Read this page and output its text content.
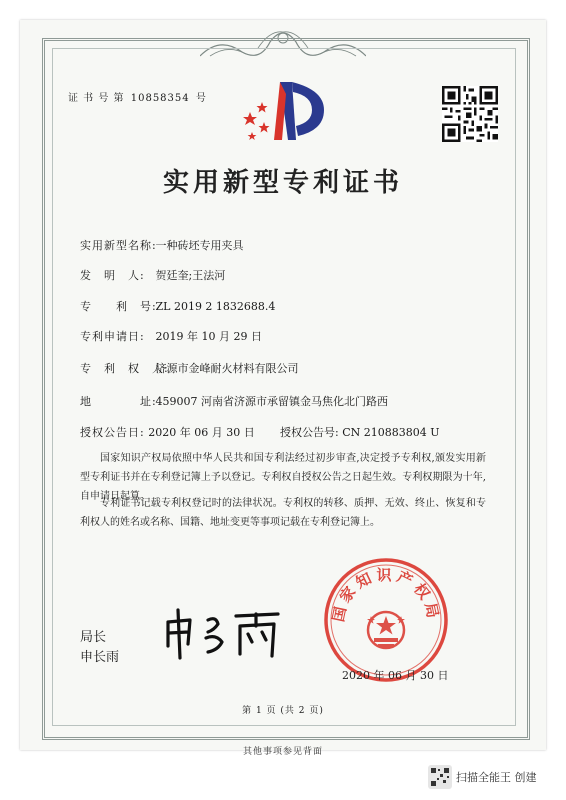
证 书 号 第 10858354 号
实用新型专利证书
实用新型名称: 一种砖坯专用夹具
发　明　人: 贺廷奎;王法河
专　　利　号: ZL 2019 2 1832688.4
专利申请日: 2019 年 10 月 29 日
专　利　权　人: 济源市金峰耐火材料有限公司
地　　　　址: 459007 河南省济源市承留镇金马焦化北门路西
授权公告日: 2020 年 06 月 30 日 授权公告号: CN 210883804 U
国家知识产权局依照中华人民共和国专利法经过初步审查,决定授予专利权,颁发实用新型专利证书并在专利登记簿上予以登记。专利权自授权公告之日起生效。专利权期限为十年,自申请日起算。
专利证书记载专利权登记时的法律状况。专利权的转移、质押、无效、终止、恢复和专利权人的姓名或名称、国籍、地址变更等事项记载在专利登记簿上。
局长
申长雨
国家知识产权局
2020 年 06 月 30 日
第 1 页 (共 2 页)
其他事项参见背面
扫描全能王 创建
